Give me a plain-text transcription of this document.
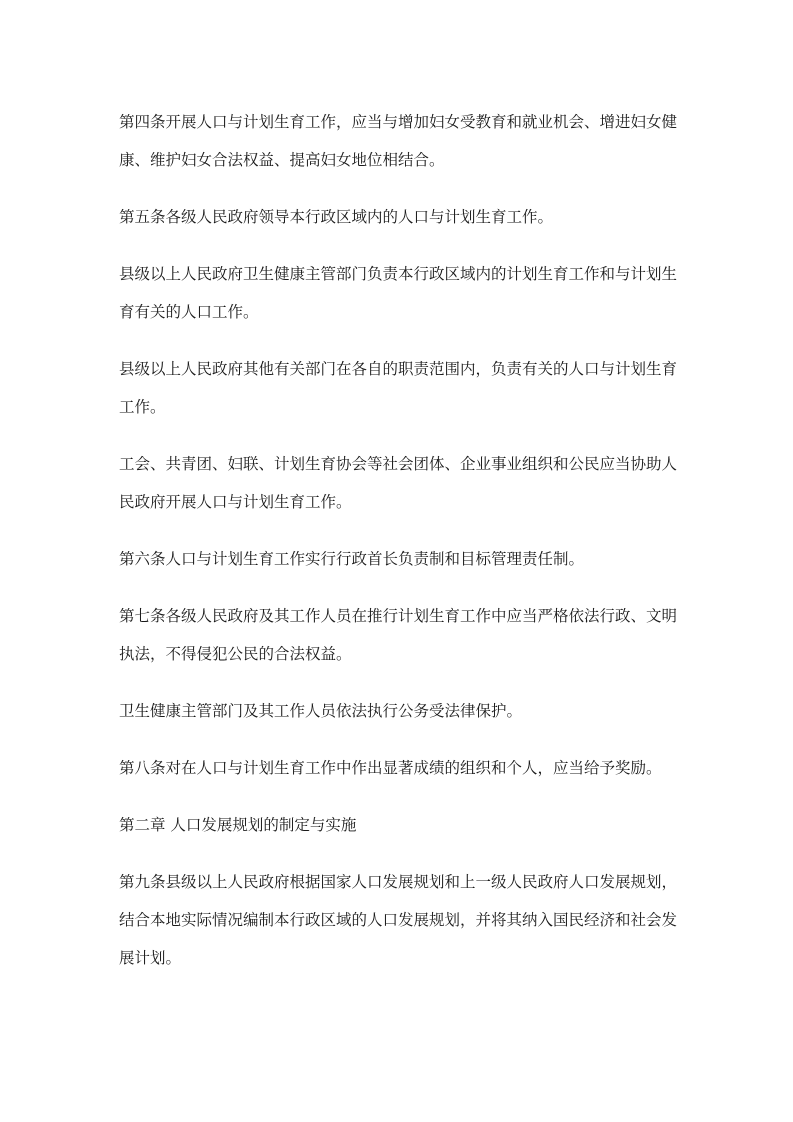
第四条开展人口与计划生育工作，应当与增加妇女受教育和就业机会、增进妇女健康、维护妇女合法权益、提高妇女地位相结合。

第五条各级人民政府领导本行政区域内的人口与计划生育工作。

县级以上人民政府卫生健康主管部门负责本行政区域内的计划生育工作和与计划生育有关的人口工作。

县级以上人民政府其他有关部门在各自的职责范围内，负责有关的人口与计划生育工作。

工会、共青团、妇联、计划生育协会等社会团体、企业事业组织和公民应当协助人民政府开展人口与计划生育工作。

第六条人口与计划生育工作实行行政首长负责制和目标管理责任制。

第七条各级人民政府及其工作人员在推行计划生育工作中应当严格依法行政、文明执法，不得侵犯公民的合法权益。

卫生健康主管部门及其工作人员依法执行公务受法律保护。

第八条对在人口与计划生育工作中作出显著成绩的组织和个人，应当给予奖励。

第二章 人口发展规划的制定与实施

第九条县级以上人民政府根据国家人口发展规划和上一级人民政府人口发展规划，结合本地实际情况编制本行政区域的人口发展规划，并将其纳入国民经济和社会发展计划。
